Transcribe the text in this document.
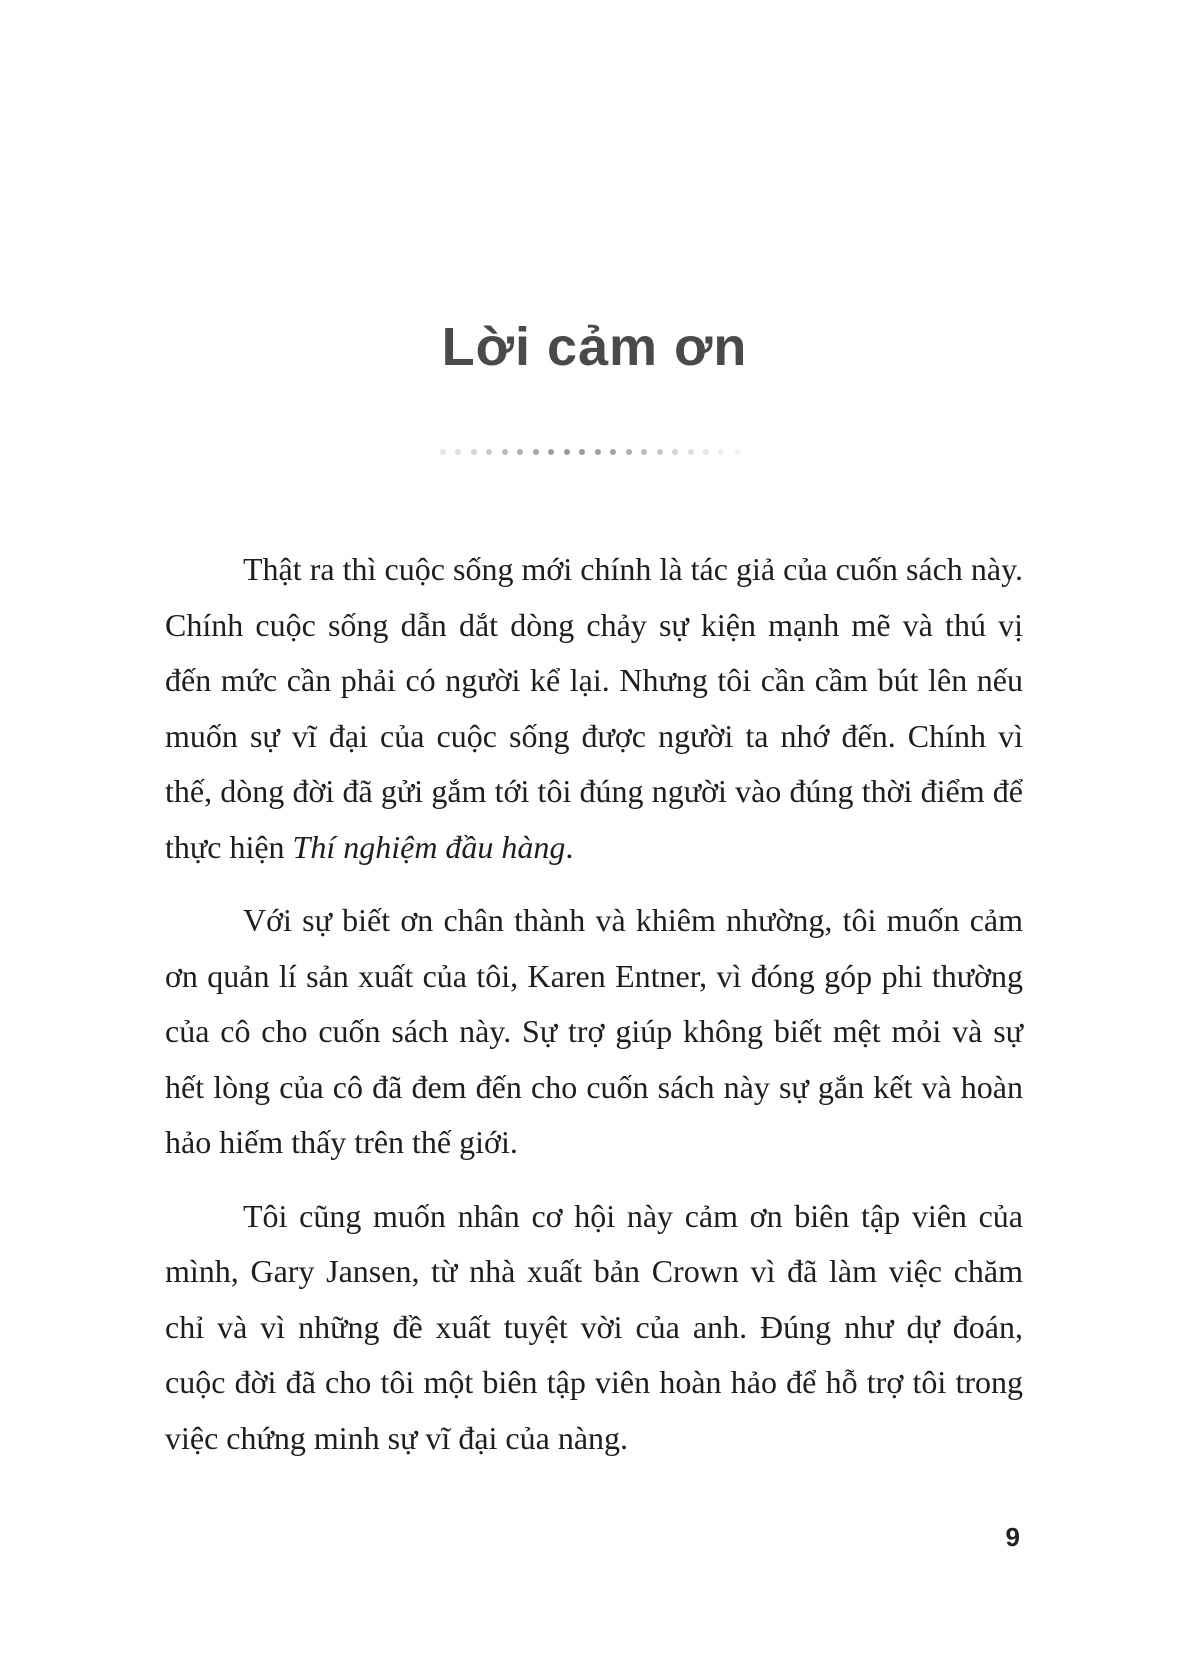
Lời cảm ơn

Thật ra thì cuộc sống mới chính là tác giả của cuốn sách này. Chính cuộc sống dẫn dắt dòng chảy sự kiện mạnh mẽ và thú vị đến mức cần phải có người kể lại. Nhưng tôi cần cầm bút lên nếu muốn sự vĩ đại của cuộc sống được người ta nhớ đến. Chính vì thế, dòng đời đã gửi gắm tới tôi đúng người vào đúng thời điểm để thực hiện Thí nghiệm đầu hàng.

Với sự biết ơn chân thành và khiêm nhường, tôi muốn cảm ơn quản lí sản xuất của tôi, Karen Entner, vì đóng góp phi thường của cô cho cuốn sách này. Sự trợ giúp không biết mệt mỏi và sự hết lòng của cô đã đem đến cho cuốn sách này sự gắn kết và hoàn hảo hiếm thấy trên thế giới.

Tôi cũng muốn nhân cơ hội này cảm ơn biên tập viên của mình, Gary Jansen, từ nhà xuất bản Crown vì đã làm việc chăm chỉ và vì những đề xuất tuyệt vời của anh. Đúng như dự đoán, cuộc đời đã cho tôi một biên tập viên hoàn hảo để hỗ trợ tôi trong việc chứng minh sự vĩ đại của nàng.

9
